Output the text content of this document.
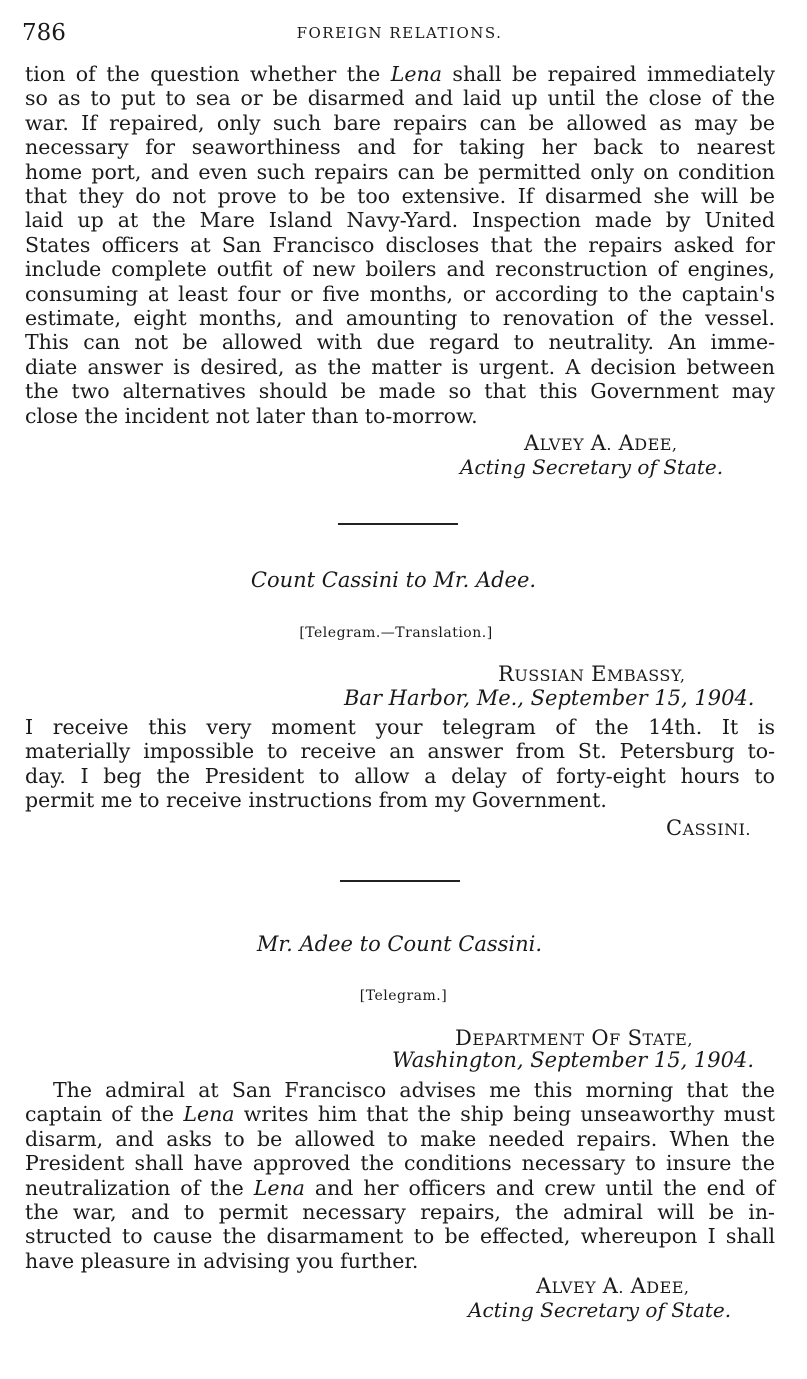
786	FOREIGN RELATIONS.
tion of the question whether the Lena shall be repaired immediately
so as to put to sea or be disarmed and laid up until the close of the
war. If repaired, only such bare repairs can be allowed as may be
necessary for seaworthiness and for taking her back to nearest
home port, and even such repairs can be permitted only on condition
that they do not prove to be too extensive. If disarmed she will be
laid up at the Mare Island Navy-Yard. Inspection made by United
States officers at San Francisco discloses that the repairs asked for
include complete outfit of new boilers and reconstruction of engines,
consuming at least four or five months, or according to the captain's
estimate, eight months, and amounting to renovation of the vessel.
This can not be allowed with due regard to neutrality. An imme-
diate answer is desired, as the matter is urgent. A decision between
the two alternatives should be made so that this Government may
close the incident not later than to-morrow.
ALVEY A. ADEE,
Acting Secretary of State.
Count Cassini to Mr. Adee.
[Telegram.—Translation.]
RUSSIAN EMBASSY,
Bar Harbor, Me., September 15, 1904.
I receive this very moment your telegram of the 14th. It is
materially impossible to receive an answer from St. Petersburg to-
day. I beg the President to allow a delay of forty-eight hours to
permit me to receive instructions from my Government.
CASSINI.
Mr. Adee to Count Cassini.
[Telegram.]
DEPARTMENT OF STATE,
Washington, September 15, 1904.
The admiral at San Francisco advises me this morning that the
captain of the Lena writes him that the ship being unseaworthy must
disarm, and asks to be allowed to make needed repairs. When the
President shall have approved the conditions necessary to insure the
neutralization of the Lena and her officers and crew until the end of
the war, and to permit necessary repairs, the admiral will be in-
structed to cause the disarmament to be effected, whereupon I shall
have pleasure in advising you further.
ALVEY A. ADEE,
Acting Secretary of State.
